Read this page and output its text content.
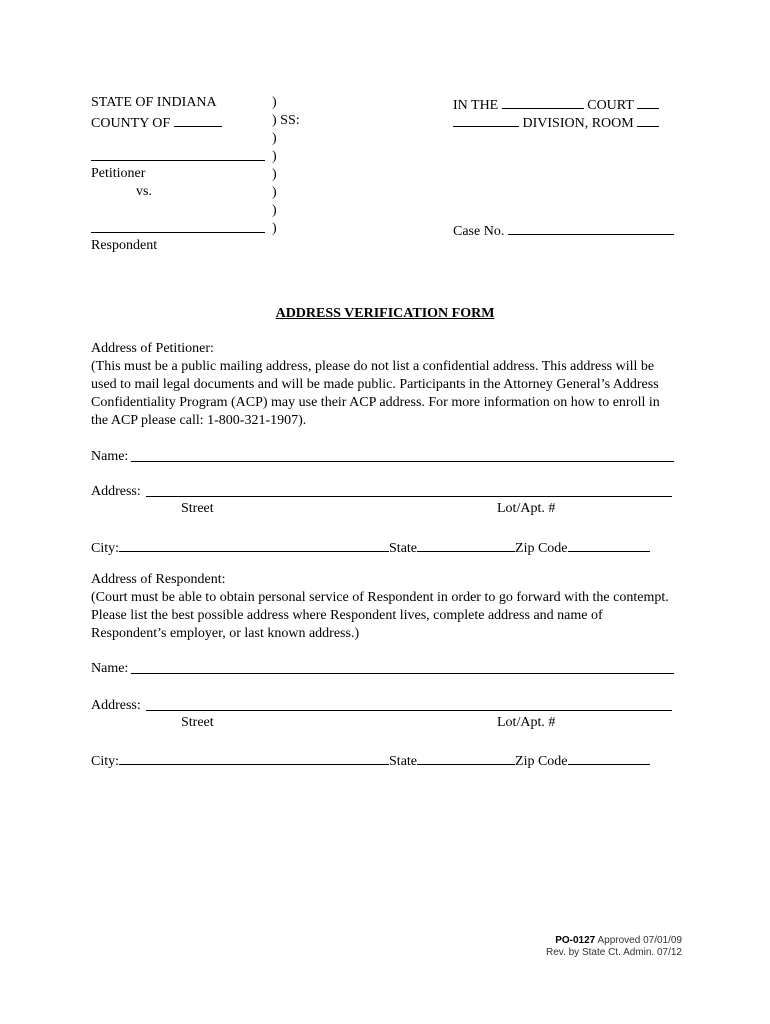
STATE OF INDIANA
COUNTY OF
Petitioner
vs.
Respondent
)
) SS:
)
)
)
)
)
)
IN THE	COURT
DIVISION, ROOM
Case No.
ADDRESS VERIFICATION FORM
Address of Petitioner:
(This must be a public mailing address, please do not list a confidential address. This address will be used to mail legal documents and will be made public. Participants in the Attorney General’s Address Confidentiality Program (ACP) may use their ACP address. For more information on how to enroll in the ACP please call: 1-800-321-1907).
Name:
Address:
Street	Lot/Apt. #
City:	State	Zip Code
Address of Respondent:
(Court must be able to obtain personal service of Respondent in order to go forward with the contempt. Please list the best possible address where Respondent lives, complete address and name of Respondent’s employer, or last known address.)
Name:
Address:
Street	Lot/Apt. #
City:	State	Zip Code
PO-0127 Approved 07/01/09
Rev. by State Ct. Admin. 07/12
